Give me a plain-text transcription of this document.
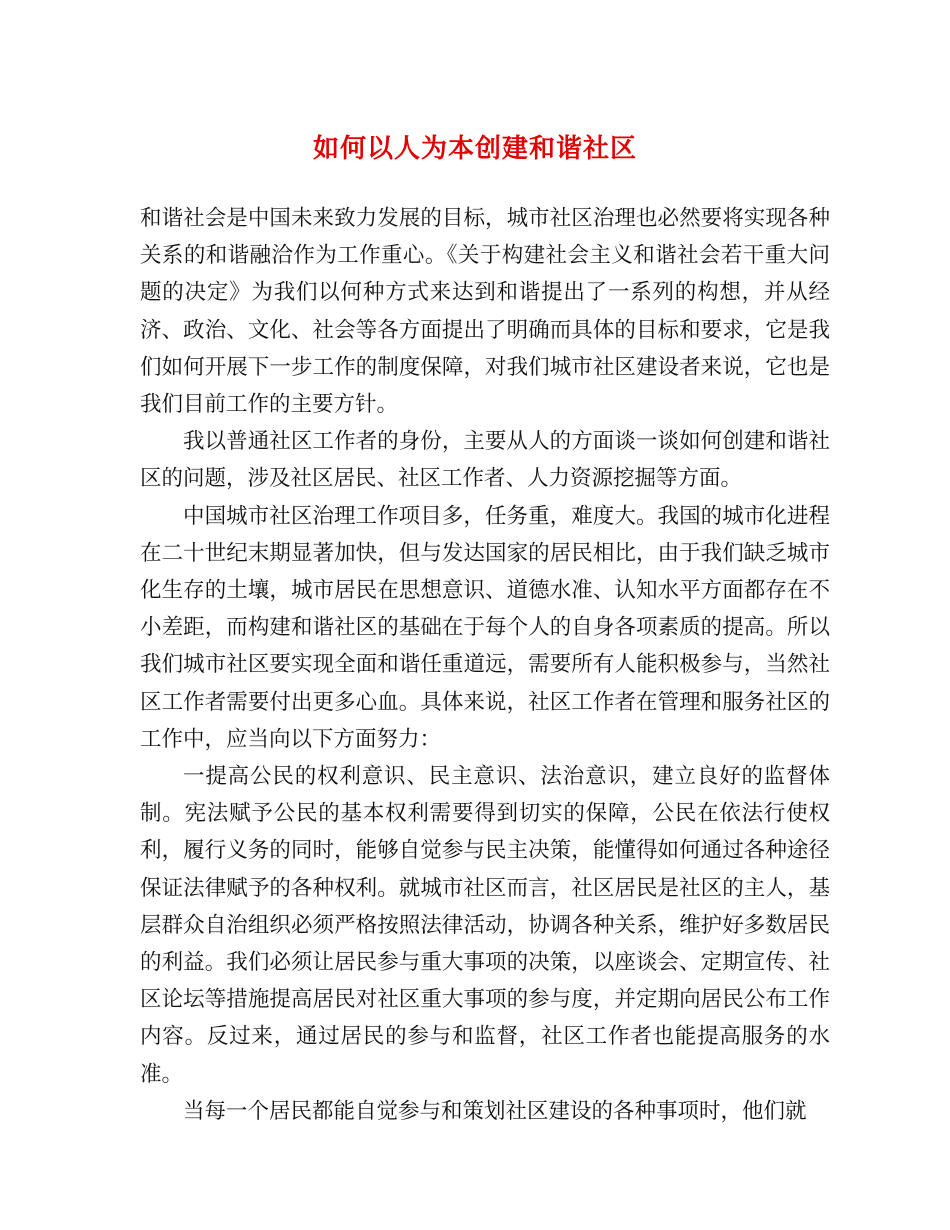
如何以人为本创建和谐社区

和谐社会是中国未来致力发展的目标，城市社区治理也必然要将实现各种关系的和谐融洽作为工作重心。《关于构建社会主义和谐社会若干重大问题的决定》为我们以何种方式来达到和谐提出了一系列的构想，并从经济、政治、文化、社会等各方面提出了明确而具体的目标和要求，它是我们如何开展下一步工作的制度保障，对我们城市社区建设者来说，它也是我们目前工作的主要方针。

我以普通社区工作者的身份，主要从人的方面谈一谈如何创建和谐社区的问题，涉及社区居民、社区工作者、人力资源挖掘等方面。

中国城市社区治理工作项目多，任务重，难度大。我国的城市化进程在二十世纪末期显著加快，但与发达国家的居民相比，由于我们缺乏城市化生存的土壤，城市居民在思想意识、道德水准、认知水平方面都存在不小差距，而构建和谐社区的基础在于每个人的自身各项素质的提高。所以我们城市社区要实现全面和谐任重道远，需要所有人能积极参与，当然社区工作者需要付出更多心血。具体来说，社区工作者在管理和服务社区的工作中，应当向以下方面努力：

一提高公民的权利意识、民主意识、法治意识，建立良好的监督体制。宪法赋予公民的基本权利需要得到切实的保障，公民在依法行使权利，履行义务的同时，能够自觉参与民主决策，能懂得如何通过各种途径保证法律赋予的各种权利。就城市社区而言，社区居民是社区的主人，基层群众自治组织必须严格按照法律活动，协调各种关系，维护好多数居民的利益。我们必须让居民参与重大事项的决策，以座谈会、定期宣传、社区论坛等措施提高居民对社区重大事项的参与度，并定期向居民公布工作内容。反过来，通过居民的参与和监督，社区工作者也能提高服务的水准。

当每一个居民都能自觉参与和策划社区建设的各种事项时，他们就
